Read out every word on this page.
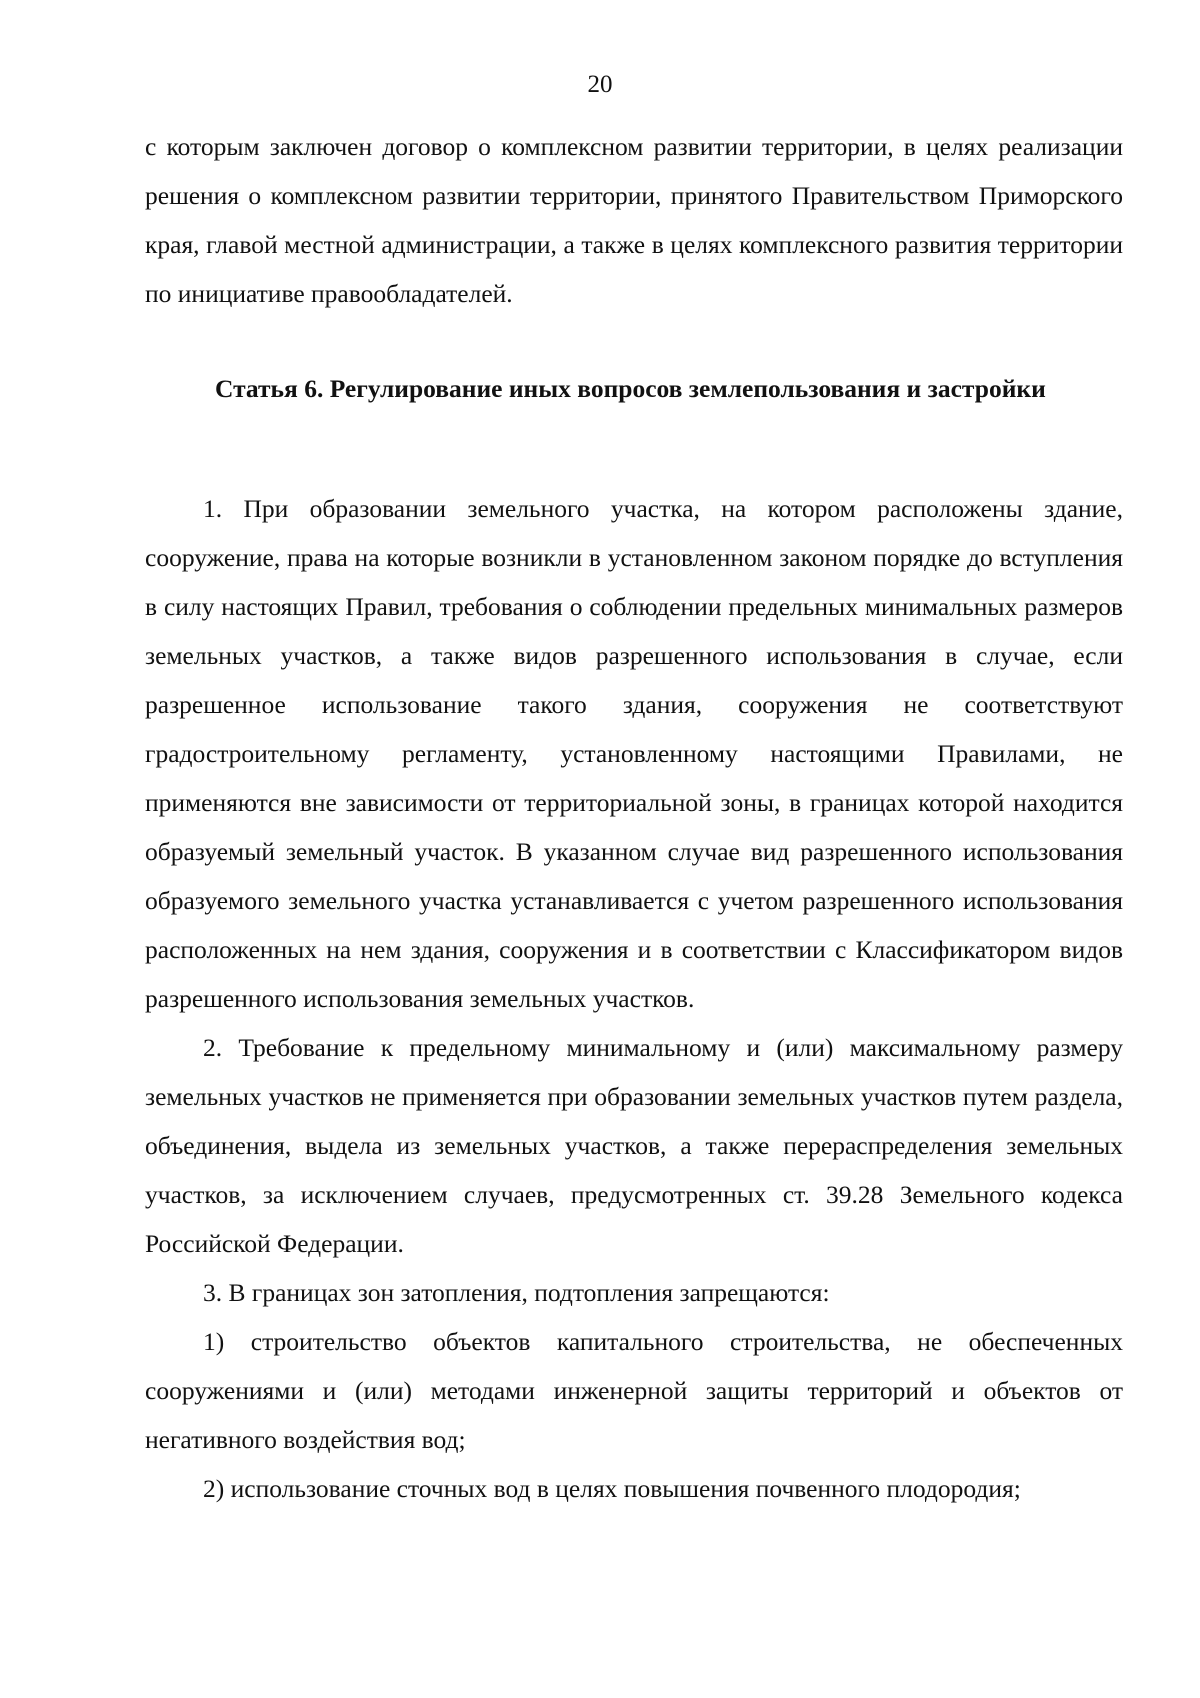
20
с которым заключен договор о комплексном развитии территории, в целях реализации решения о комплексном развитии территории, принятого Правительством Приморского края, главой местной администрации, а также в целях комплексного развития территории по инициативе правообладателей.
Статья 6. Регулирование иных вопросов землепользования и застройки

1. При образовании земельного участка, на котором расположены здание, сооружение, права на которые возникли в установленном законом порядке до вступления в силу настоящих Правил, требования о соблюдении предельных минимальных размеров земельных участков, а также видов разрешенного использования в случае, если разрешенное использование такого здания, сооружения не соответствуют градостроительному регламенту, установленному настоящими Правилами, не применяются вне зависимости от территориальной зоны, в границах которой находится образуемый земельный участок. В указанном случае вид разрешенного использования образуемого земельного участка устанавливается с учетом разрешенного использования расположенных на нем здания, сооружения и в соответствии с Классификатором видов разрешенного использования земельных участков.

2. Требование к предельному минимальному и (или) максимальному размеру земельных участков не применяется при образовании земельных участков путем раздела, объединения, выдела из земельных участков, а также перераспределения земельных участков, за исключением случаев, предусмотренных ст. 39.28 Земельного кодекса Российской Федерации.

3. В границах зон затопления, подтопления запрещаются:

1) строительство объектов капитального строительства, не обеспеченных сооружениями и (или) методами инженерной защиты территорий и объектов от негативного воздействия вод;

2) использование сточных вод в целях повышения почвенного плодородия;
